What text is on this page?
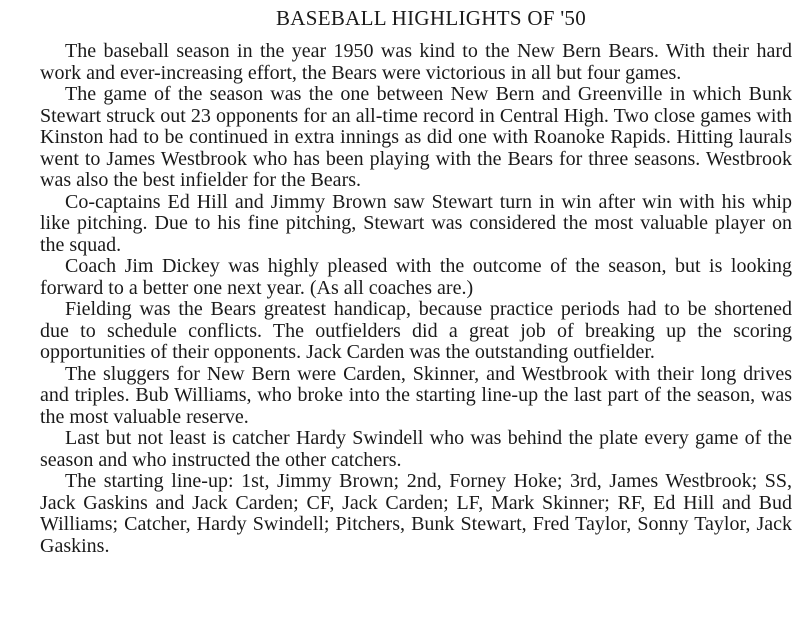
BASEBALL HIGHLIGHTS OF '50

The baseball season in the year 1950 was kind to the New Bern Bears. With their hard work and ever-increasing effort, the Bears were victorious in all but four games.

The game of the season was the one between New Bern and Greenville in which Bunk Stewart struck out 23 opponents for an all-time record in Central High. Two close games with Kinston had to be continued in extra innings as did one with Roanoke Rapids. Hitting laurals went to James Westbrook who has been playing with the Bears for three seasons. Westbrook was also the best infielder for the Bears.

Co-captains Ed Hill and Jimmy Brown saw Stewart turn in win after win with his whip like pitching. Due to his fine pitching, Stewart was considered the most valuable player on the squad.

Coach Jim Dickey was highly pleased with the outcome of the season, but is looking forward to a better one next year. (As all coaches are.)

Fielding was the Bears greatest handicap, because practice periods had to be shortened due to schedule conflicts. The outfielders did a great job of breaking up the scoring opportunities of their opponents. Jack Carden was the outstanding outfielder.

The sluggers for New Bern were Carden, Skinner, and Westbrook with their long drives and triples. Bub Williams, who broke into the starting line-up the last part of the season, was the most valuable reserve.

Last but not least is catcher Hardy Swindell who was behind the plate every game of the season and who instructed the other catchers.

The starting line-up: 1st, Jimmy Brown; 2nd, Forney Hoke; 3rd, James Westbrook; SS, Jack Gaskins and Jack Carden; CF, Jack Carden; LF, Mark Skinner; RF, Ed Hill and Bud Williams; Catcher, Hardy Swindell; Pitchers, Bunk Stewart, Fred Taylor, Sonny Taylor, Jack Gaskins.
